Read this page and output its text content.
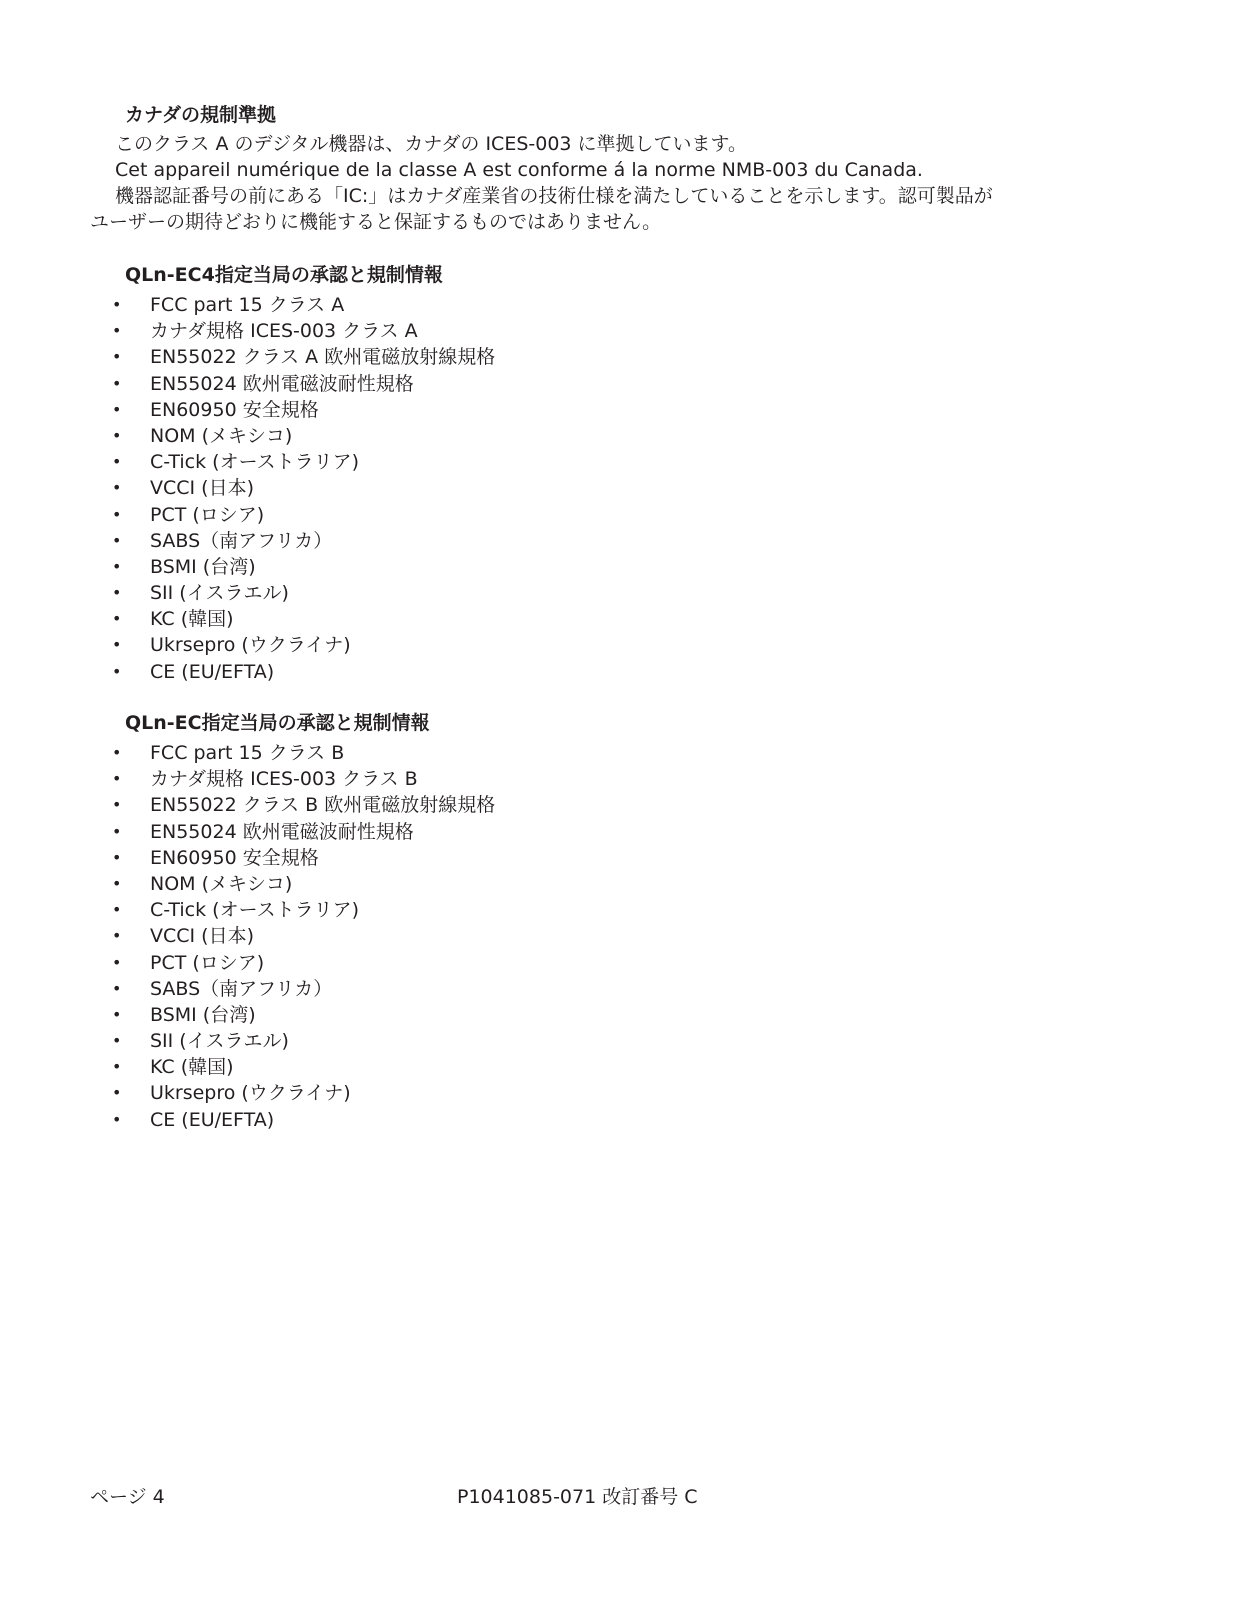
カナダの規制準拠
このクラス A のデジタル機器は、カナダの ICES-003 に準拠しています。
Cet appareil numérique de la classe A est conforme á la norme NMB-003 du Canada.
機器認証番号の前にある「IC:」はカナダ産業省の技術仕様を満たしていることを示します。認可製品が
ユーザーの期待どおりに機能すると保証するものではありません。
QLn-EC4指定当局の承認と規制情報
• FCC part 15 クラス A
• カナダ規格 ICES-003 クラス A
• EN55022 クラス A 欧州電磁放射線規格
• EN55024 欧州電磁波耐性規格
• EN60950 安全規格
• NOM (メキシコ)
• C-Tick (オーストラリア)
• VCCI (日本)
• PCT (ロシア)
• SABS（南アフリカ）
• BSMI (台湾)
• SII (イスラエル)
• KC (韓国)
• Ukrsepro (ウクライナ)
• CE (EU/EFTA)
QLn-EC指定当局の承認と規制情報
• FCC part 15 クラス B
• カナダ規格 ICES-003 クラス B
• EN55022 クラス B 欧州電磁放射線規格
• EN55024 欧州電磁波耐性規格
• EN60950 安全規格
• NOM (メキシコ)
• C-Tick (オーストラリア)
• VCCI (日本)
• PCT (ロシア)
• SABS（南アフリカ）
• BSMI (台湾)
• SII (イスラエル)
• KC (韓国)
• Ukrsepro (ウクライナ)
• CE (EU/EFTA)
ページ 4	P1041085-071 改訂番号 C
